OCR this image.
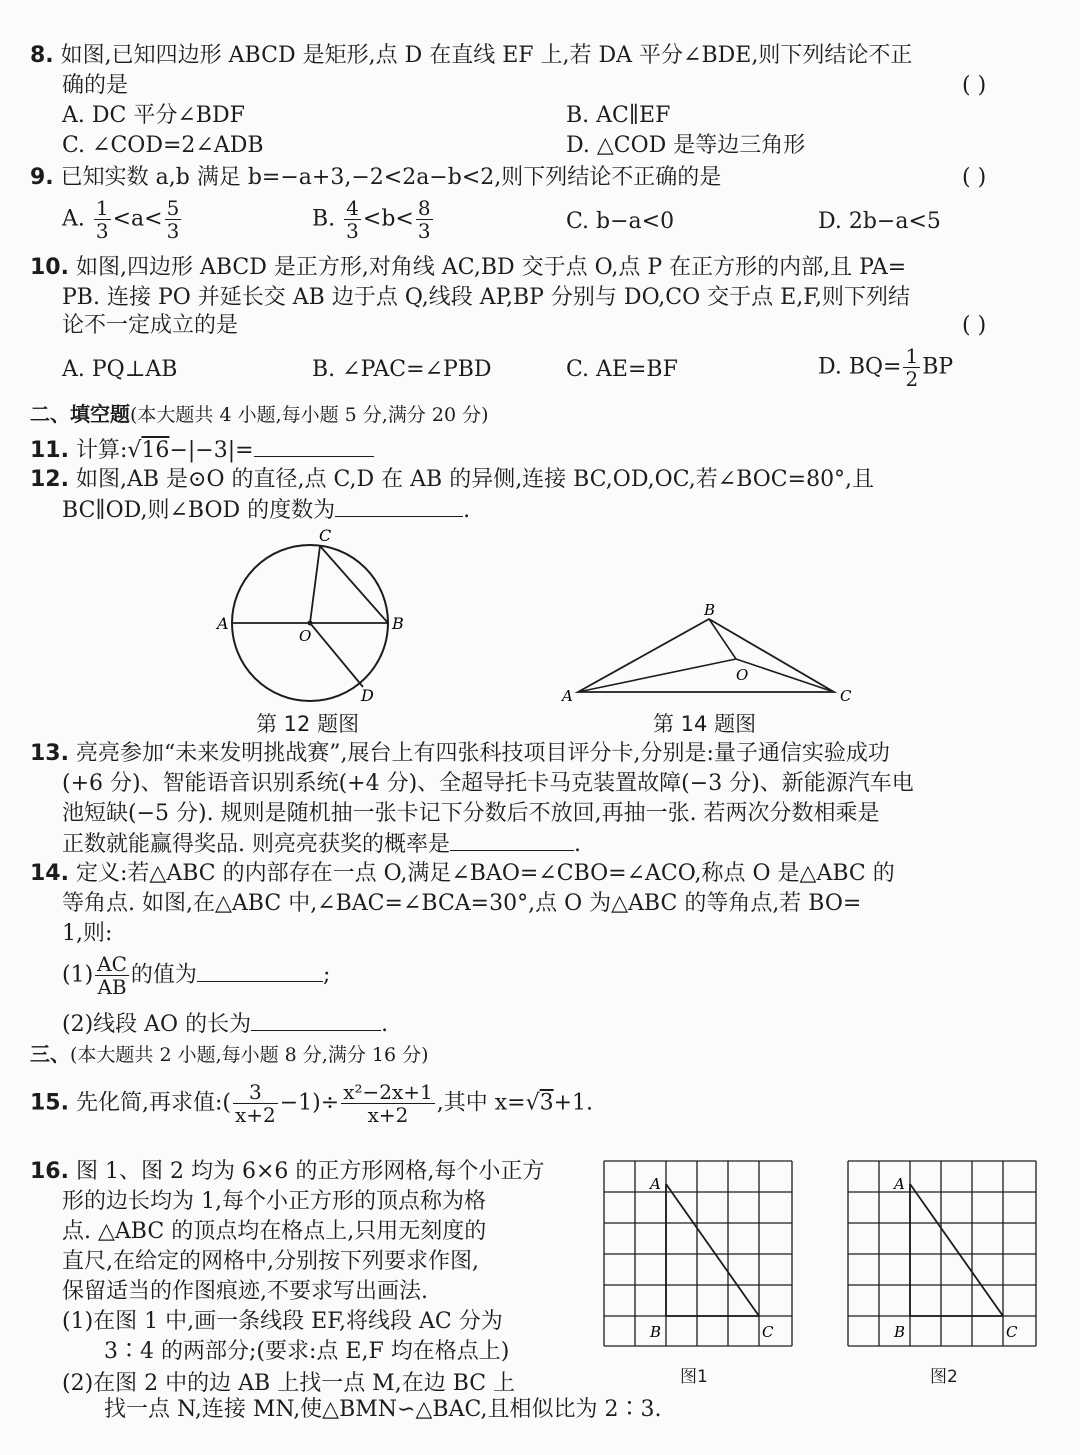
8. 如图,已知四边形 ABCD 是矩形,点 D 在直线 EF 上,若 DA 平分∠BDE,则下列结论不正
确的是	( )
A. DC 平分∠BDF	B. AC∥EF
C. ∠COD=2∠ADB	D. △COD 是等边三角形
9. 已知实数 a,b 满足 b=−a+3,−2<2a−b<2,则下列结论不正确的是	( )
A. $\frac{1}{3} <a< \frac{5}{3}$	B. $\frac{4}{3} <b< \frac{8}{3}$	C. b−a<0	D. 2b−a<5
10. 如图,四边形 ABCD 是正方形,对角线 AC,BD 交于点 O,点 P 在正方形的内部,且 PA=
PB. 连接 PO 并延长交 AB 边于点 Q,线段 AP,BP 分别与 DO,CO 交于点 E,F,则下列结
论不一定成立的是	( )
A. PQ⊥AB	B. ∠PAC=∠PBD	C. AE=BF	D. $BQ= \frac{1}{2}$ BP
二、填空题(本大题共 4 小题,每小题 5 分,满分 20 分)
11. 计算:√16−|−3|=
12. 如图,AB 是⊙O 的直径,点 C,D 在 AB 的异侧,连接 BC,OD,OC,若∠BOC=80°,且
BC∥OD,则∠BOD 的度数为	.
A	B
C
D
O
第 12 题图
A
B
C
O
第 14 题图
13. 亮亮参加“未来发明挑战赛”,展台上有四张科技项目评分卡,分别是:量子通信实验成功
(+6 分)、智能语音识别系统(+4 分)、全超导托卡马克装置故障(−3 分)、新能源汽车电
池短缺(−5 分). 规则是随机抽一张卡记下分数后不放回,再抽一张. 若两次分数相乘是
正数就能赢得奖品. 则亮亮获奖的概率是	.
14. 定义:若△ABC 的内部存在一点 O,满足∠BAO=∠CBO=∠ACO,称点 O 是△ABC 的
等角点. 如图,在△ABC 中,∠BAC=∠BCA=30°,点 O 为△ABC 的等角点,若 BO=
1,则:
$(1) \frac{AC}{AB}$ 的值为	;
(2)线段 AO 的长为	.
三、(本大题共 2 小题,每小题 8 分,满分 16 分)
15. 先化简,再求值:( $\frac{3}{x+2} -1)\div \frac{\text{x²−2x+1}}{x+2}$ ,其中 x=√3+1.
16. 图 1、图 2 均为 6×6 的正方形网格,每个小正方
形的边长均为 1,每个小正方形的顶点称为格
点. △ABC 的顶点均在格点上,只用无刻度的
直尺,在给定的网格中,分别按下列要求作图,
保留适当的作图痕迹,不要求写出画法.
(1)在图 1 中,画一条线段 EF,将线段 AC 分为
3∶4 的两部分;(要求:点 E,F 均在格点上)
(2)在图 2 中的边 AB 上找一点 M,在边 BC 上
找一点 N,连接 MN,使△BMN∽△BAC,且相似比为 2∶3.
A
B	C
图1
A
B	C
图2
